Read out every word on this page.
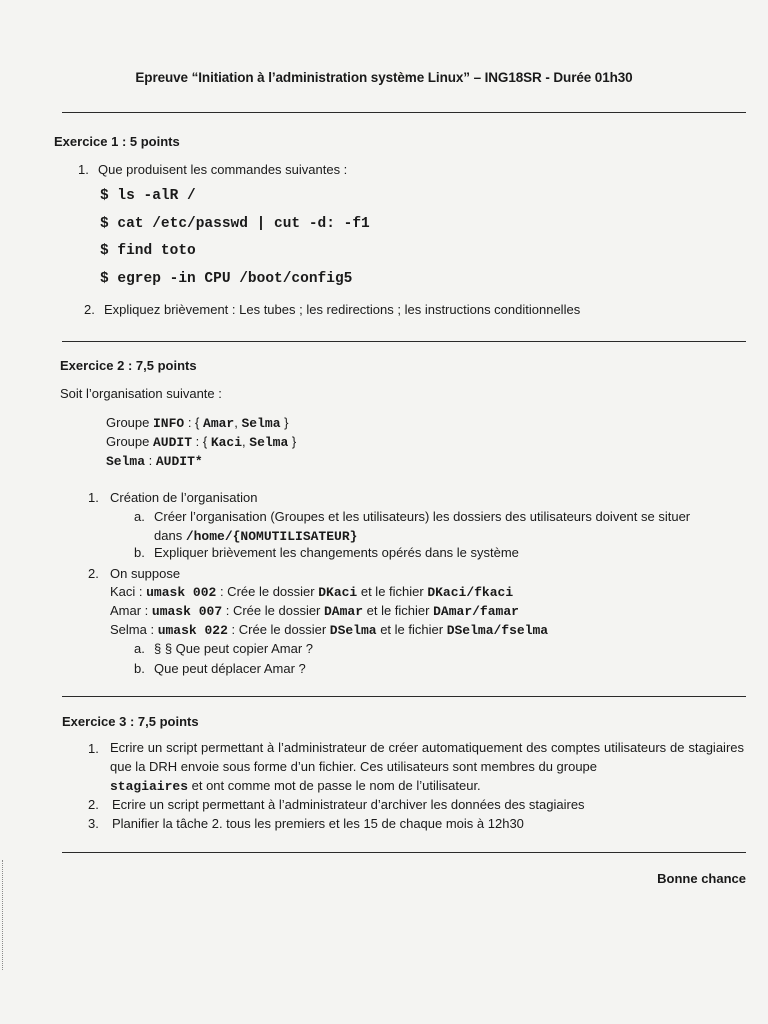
Epreuve “Initiation à l’administration système Linux” – ING18SR - Durée 01h30
Exercice 1 : 5 points
1. Que produisent les commandes suivantes :
$ ls -alR /
$ cat /etc/passwd | cut -d: -f1
$ find toto
$ egrep -in CPU /boot/config5
2. Expliquez brièvement : Les tubes ; les redirections ; les instructions conditionnelles
Exercice 2 : 7,5 points
Soit l’organisation suivante :
Groupe INFO : { Amar, Selma }
Groupe AUDIT : { Kaci, Selma }
Selma : AUDIT*
1. Création de l’organisation
a. Créer l’organisation (Groupes et les utilisateurs) les dossiers des utilisateurs doivent se situer
dans /home/{NOMUTILISATEUR}
b. Expliquer brièvement les changements opérés dans le système
2. On suppose
Kaci : umask 002 : Crée le dossier DKaci et le fichier DKaci/fkaci
Amar : umask 007 : Crée le dossier DAmar et le fichier DAmar/famar
Selma : umask 022 : Crée le dossier DSelma et le fichier DSelma/fselma
a. § § Que peut copier Amar ?
b. Que peut déplacer Amar ?
Exercice 3 : 7,5 points
1. Ecrire un script permettant à l’administrateur de créer automatiquement des comptes utilisateurs de stagiaires que la DRH envoie sous forme d’un fichier. Ces utilisateurs sont membres du groupe
stagiaires et ont comme mot de passe le nom de l’utilisateur.
2. Ecrire un script permettant à l’administrateur d’archiver les données des stagiaires
3. Planifier la tâche 2. tous les premiers et les 15 de chaque mois à 12h30
Bonne chance
